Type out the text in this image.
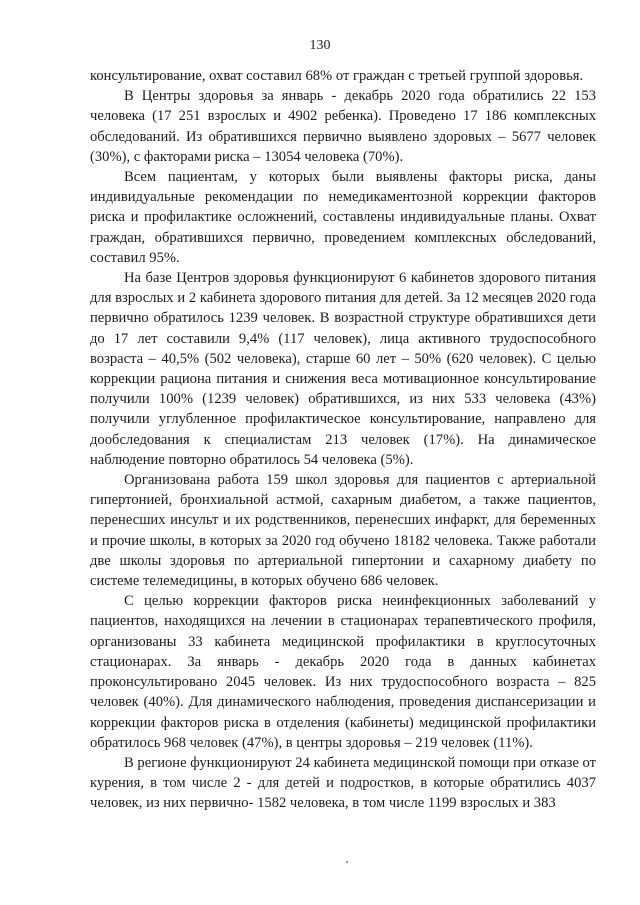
130

консультирование, охват составил 68% от граждан с третьей группой здоровья.

В Центры здоровья за январь - декабрь 2020 года обратились 22 153 человека (17 251 взрослых и 4902 ребенка). Проведено 17 186 комплексных обследований. Из обратившихся первично выявлено здоровых – 5677 человек (30%), с факторами риска – 13054 человека (70%).

Всем пациентам, у которых были выявлены факторы риска, даны индивидуальные рекомендации по немедикаментозной коррекции факторов риска и профилактике осложнений, составлены индивидуальные планы. Охват граждан, обратившихся первично, проведением комплексных обследований, составил 95%.

На базе Центров здоровья функционируют 6 кабинетов здорового питания для взрослых и 2 кабинета здорового питания для детей. За 12 месяцев 2020 года первично обратилось 1239 человек. В возрастной структуре обратившихся дети до 17 лет составили 9,4% (117 человек), лица активного трудоспособного возраста – 40,5% (502 человека), старше 60 лет – 50% (620 человек). С целью коррекции рациона питания и снижения веса мотивационное консультирование получили 100% (1239 человек) обратившихся, из них 533 человека (43%) получили углубленное профилактическое консультирование, направлено для дообследования к специалистам 213 человек (17%). На динамическое наблюдение повторно обратилось 54 человека (5%).

Организована работа 159 школ здоровья для пациентов с артериальной гипертонией, бронхиальной астмой, сахарным диабетом, а также пациентов, перенесших инсульт и их родственников, перенесших инфаркт, для беременных и прочие школы, в которых за 2020 год обучено 18182 человека. Также работали две школы здоровья по артериальной гипертонии и сахарному диабету по системе телемедицины, в которых обучено 686 человек.

С целью коррекции факторов риска неинфекционных заболеваний у пациентов, находящихся на лечении в стационарах терапевтического профиля, организованы 33 кабинета медицинской профилактики в круглосуточных стационарах. За январь - декабрь 2020 года в данных кабинетах проконсультировано 2045 человек. Из них трудоспособного возраста – 825 человек (40%). Для динамического наблюдения, проведения диспансеризации и коррекции факторов риска в отделения (кабинеты) медицинской профилактики обратилось 968 человек (47%), в центры здоровья – 219 человек (11%).

В регионе функционируют 24 кабинета медицинской помощи при отказе от курения, в том числе 2 - для детей и подростков, в которые обратились 4037 человек, из них первично- 1582 человека, в том числе 1199 взрослых и 383
